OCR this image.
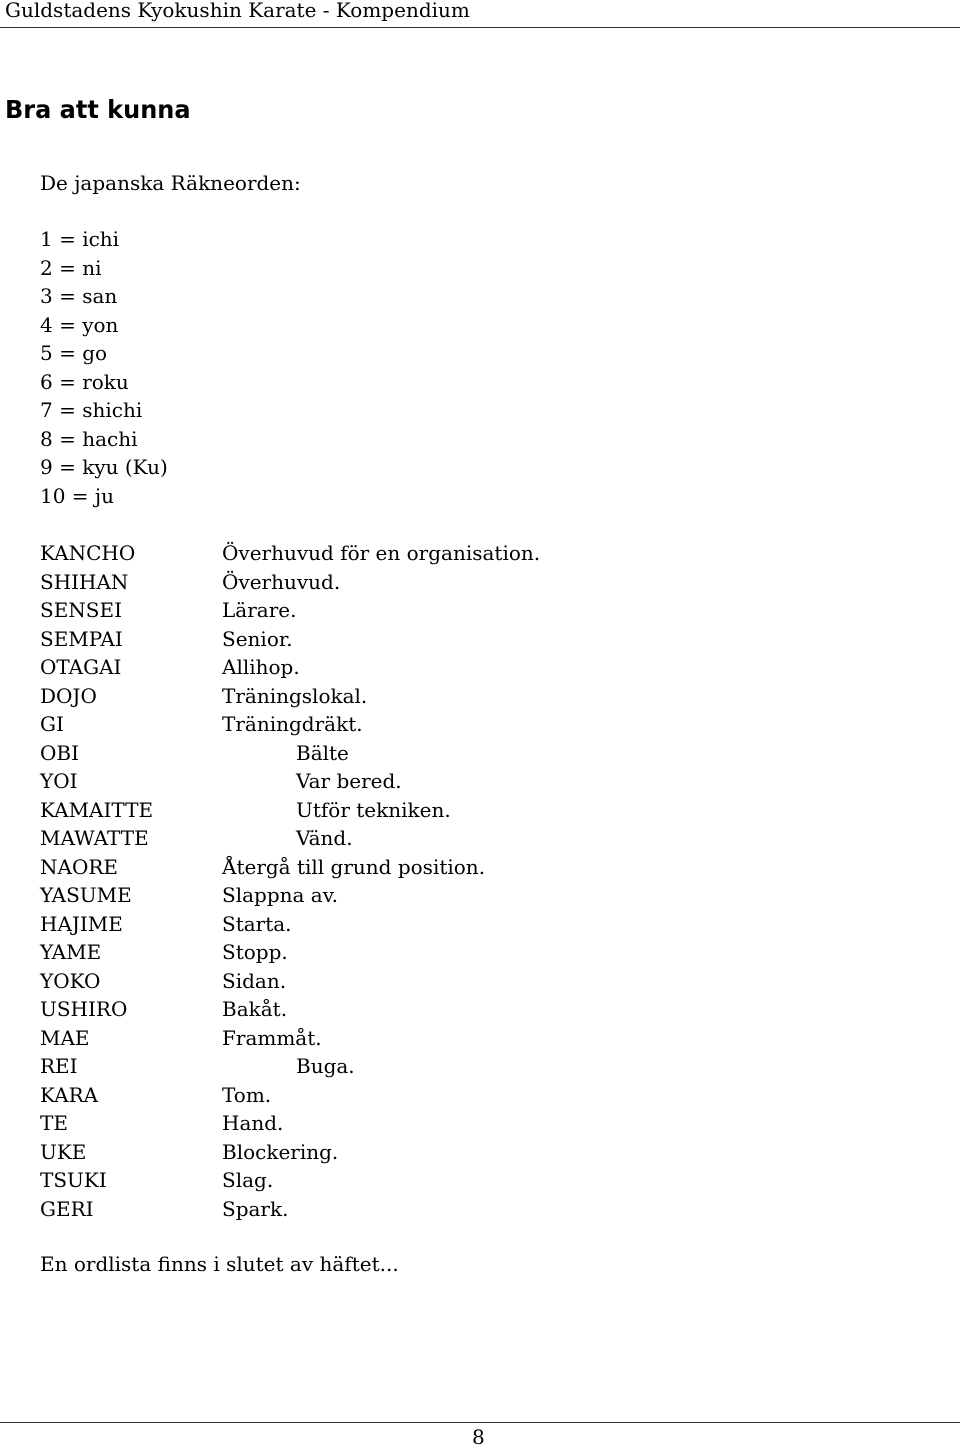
Guldstadens Kyokushin Karate - Kompendium
Bra att kunna
De japanska Räkneorden:
1 = ichi
2 = ni
3 = san
4 = yon
5 = go
6 = roku
7 = shichi
8 = hachi
9 = kyu (Ku)
10 = ju
KANCHO	Överhuvud för en organisation.
SHIHAN	Överhuvud.
SENSEI	Lärare.
SEMPAI	Senior.
OTAGAI	Allihop.
DOJO	Träningslokal.
GI	Träningdräkt.
OBI	Bälte
YOI	Var bered.
KAMAITTE	Utför tekniken.
MAWATTE	Vänd.
NAORE	Återgå till grund position.
YASUME	Slappna av.
HAJIME	Starta.
YAME	Stopp.
YOKO	Sidan.
USHIRO	Bakåt.
MAE	Frammåt.
REI	Buga.
KARA	Tom.
TE	Hand.
UKE	Blockering.
TSUKI	Slag.
GERI	Spark.
En ordlista finns i slutet av häftet...
8
